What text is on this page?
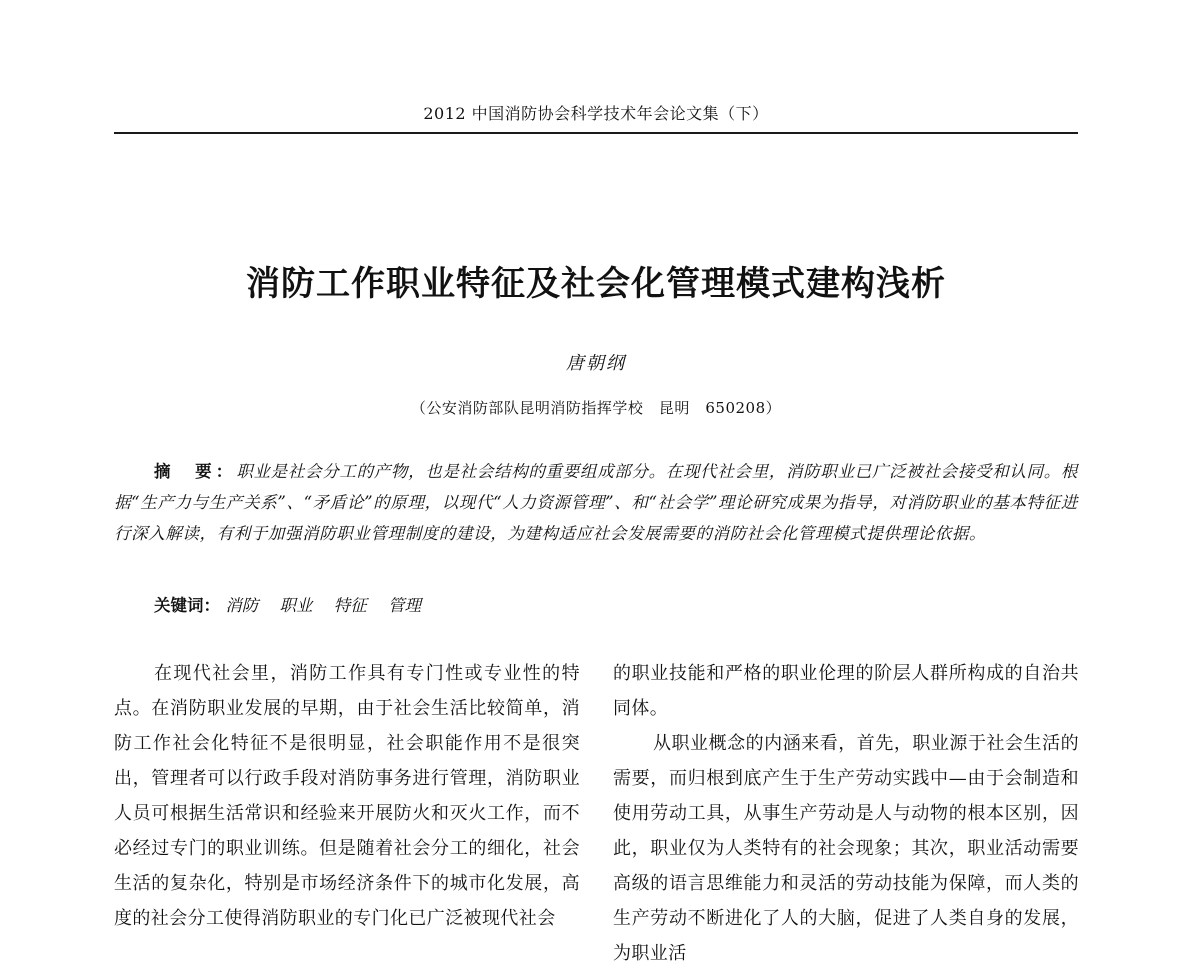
2012 中国消防协会科学技术年会论文集（下）
消防工作职业特征及社会化管理模式建构浅析
唐朝纲
（公安消防部队昆明消防指挥学校　昆明　650208）
摘　要：职业是社会分工的产物，也是社会结构的重要组成部分。在现代社会里，消防职业已广泛被社会接受和认同。根据“生产力与生产关系”、“矛盾论”的原理，以现代“人力资源管理”、和“社会学”理论研究成果为指导，对消防职业的基本特征进行深入解读，有利于加强消防职业管理制度的建设，为建构适应社会发展需要的消防社会化管理模式提供理论依据。
关键词： 消防 职业 特征 管理

在现代社会里，消防工作具有专门性或专业性的特点。在消防职业发展的早期，由于社会生活比较简单，消防工作社会化特征不是很明显，社会职能作用不是很突出，管理者可以行政手段对消防事务进行管理，消防职业人员可根据生活常识和经验来开展防火和灭火工作，而不必经过专门的职业训练。但是随着社会分工的细化，社会生活的复杂化，特别是市场经济条件下的城市化发展，高度的社会分工使得消防职业的专门化已广泛被现代社会

的职业技能和严格的职业伦理的阶层人群所构成的自治共同体。

从职业概念的内涵来看，首先，职业源于社会生活的需要，而归根到底产生于生产劳动实践中—由于会制造和使用劳动工具，从事生产劳动是人与动物的根本区别，因此，职业仅为人类特有的社会现象；其次，职业活动需要高级的语言思维能力和灵活的劳动技能为保障，而人类的生产劳动不断进化了人的大脑，促进了人类自身的发展，为职业活
